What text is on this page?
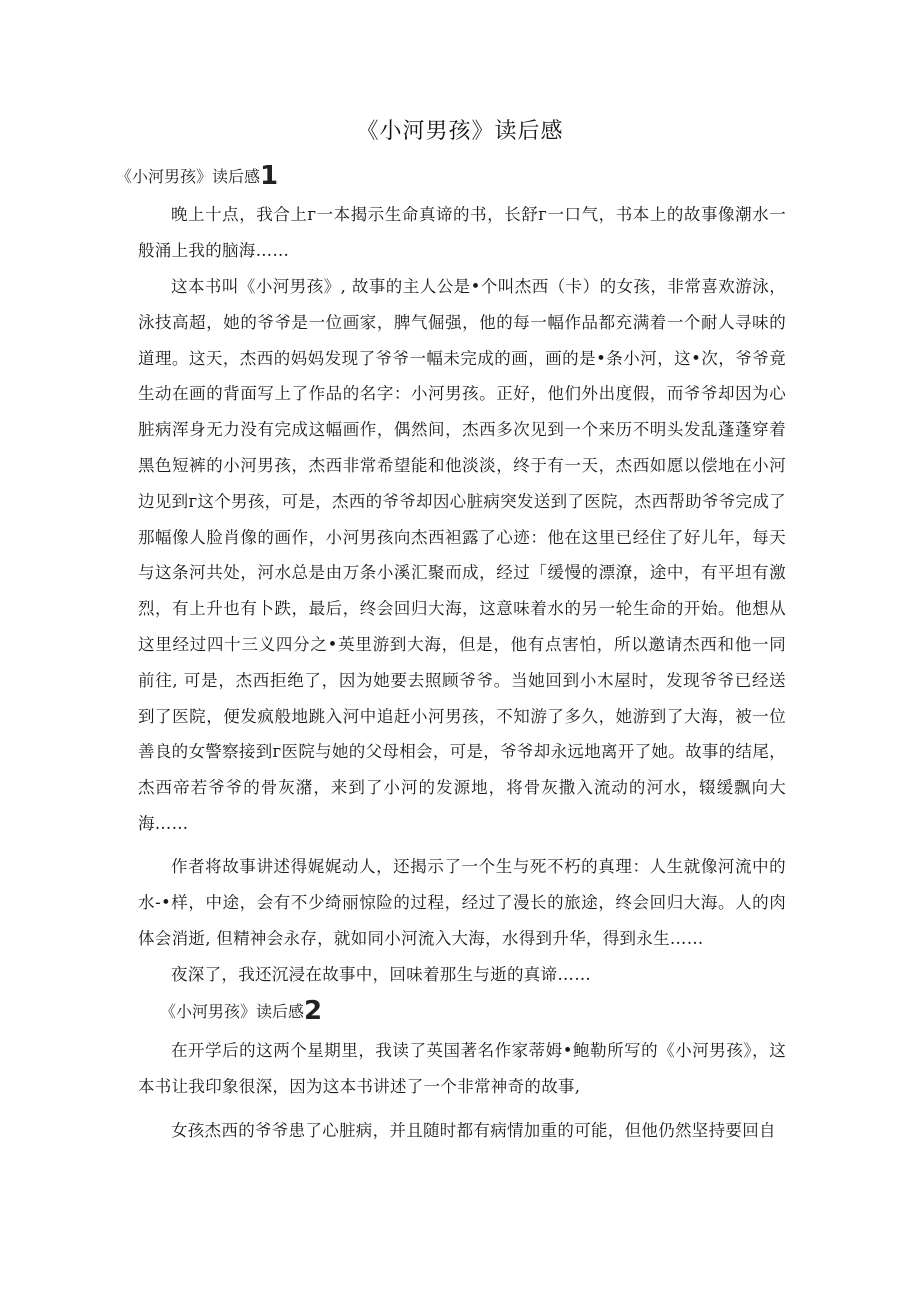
《小河男孩》读后感
《小河男孩》读后感1

晚上十点，我合上г一本揭示生命真谛的书，长舒г一口气，书本上的故事像潮水一般涌上我的脑海……

这本书叫《小河男孩》, 故事的主人公是•个叫杰西（卡）的女孩，非常喜欢游泳，泳技高超，她的爷爷是一位画家，脾气倔强，他的每一幅作品都充满着一个耐人寻味的道理。这天，杰西的妈妈发现了爷爷一幅未完成的画，画的是•条小河，这•次，爷爷竟生动在画的背面写上了作品的名字：小河男孩。正好，他们外出度假，而爷爷却因为心脏病浑身无力没有完成这幅画作，偶然间，杰西多次见到一个来历不明头发乱蓬蓬穿着黑色短裤的小河男孩，杰西非常希望能和他淡淡，终于有一天，杰西如愿以偿地在小河边见到г这个男孩，可是，杰西的爷爷却因心脏病突发送到了医院，杰西帮助爷爷完成了那幅像人脸肖像的画作，小河男孩向杰西袒露了心迹：他在这里已经住了好儿年，每天与这条河共处，河水总是由万条小溪汇聚而成，经过「缓慢的漂潦，途中，有平坦有激烈，有上升也有卜跌，最后，终会回归大海，这意味着水的另一轮生命的开始。他想从这里经过四十三义四分之•英里游到大海，但是，他有点害怕，所以邀请杰西和他一同前往, 可是，杰西拒绝了，因为她要去照顾爷爷。当她回到小木屋时，发现爷爷已经送到了医院，便发疯般地跳入河中追赶小河男孩，不知游了多久，她游到了大海，被一位善良的女警察接到г医院与她的父母相会，可是，爷爷却永远地离开了她。故事的结尾，杰西帝若爷爷的骨灰潴，来到了小河的发源地，将骨灰撒入流动的河水，辍缓飘向大海……

作者将故事讲述得娓娓动人，还揭示了一个生与死不朽的真理：人生就像河流中的水-•样，中途，会有不少绮丽惊险的过程，经过了漫长的旅途，终会回归大海。人的肉体会消逝, 但精神会永存，就如同小河流入大海，水得到升华，得到永生……

夜深了，我还沉浸在故事中，回味着那生与逝的真谛……

《小河男孩》读后感2

在开学后的这两个星期里，我读了英国著名作家蒂姆•鲍勒所写的《小河男孩》，这本书让我印象很深，因为这本书讲述了一个非常神奇的故事,

女孩杰西的爷爷患了心脏病，并且随时都有病情加重的可能，但他仍然坚持要回自
